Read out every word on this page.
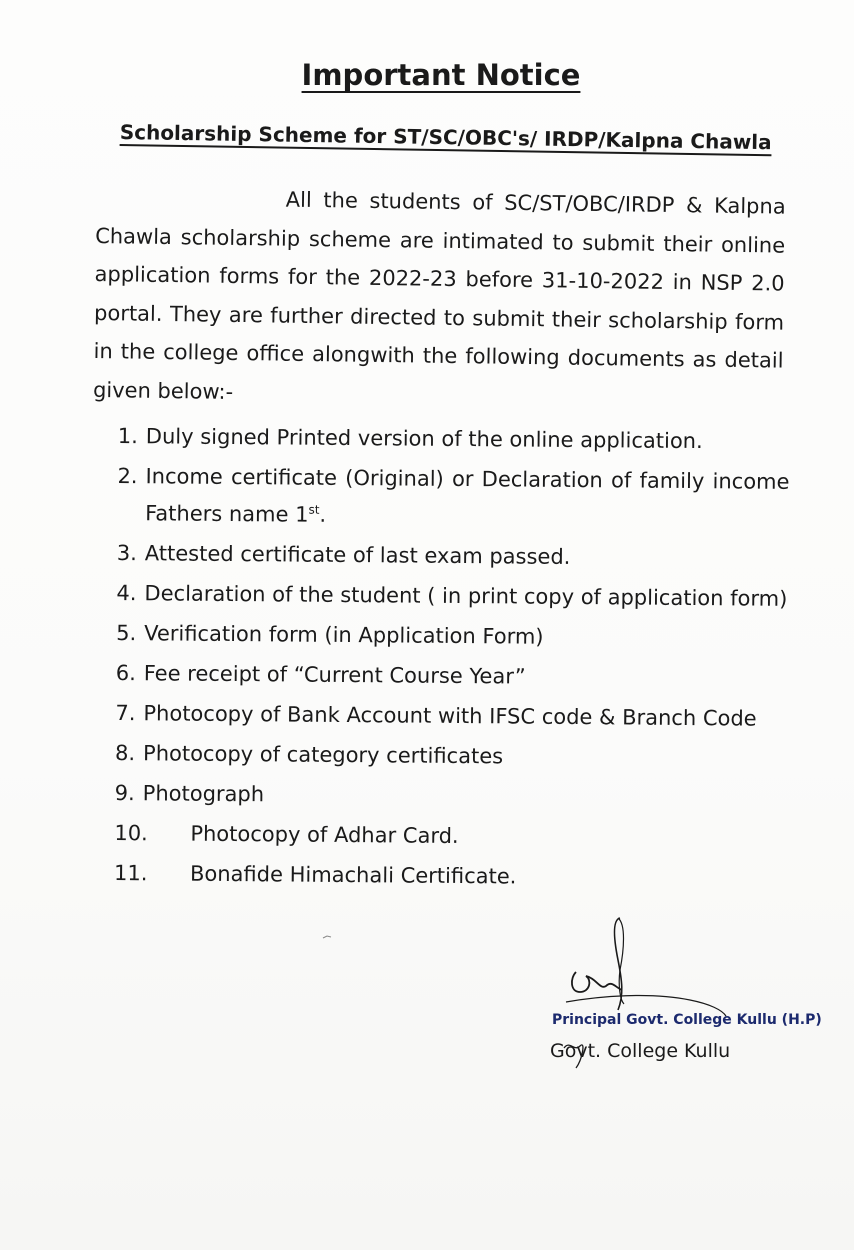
Important Notice
Scholarship Scheme for ST/SC/OBC's/ IRDP/Kalpna Chawla
All the students of SC/ST/OBC/IRDP & Kalpna Chawla scholarship scheme are intimated to submit their online application forms for the 2022-23 before 31-10-2022 in NSP 2.0 portal. They are further directed to submit their scholarship form in the college office alongwith the following documents as detail given below:-
1. Duly signed Printed version of the online application.
2. Income certificate (Original) or Declaration of family income Fathers name 1st.
3. Attested certificate of last exam passed.
4. Declaration of the student ( in print copy of application form)
5. Verification form (in Application Form)
6. Fee receipt of “Current Course Year”
7. Photocopy of Bank Account with IFSC code & Branch Code
8. Photocopy of category certificates
9. Photograph
10.	Photocopy of Adhar Card.
11.	Bonafide Himachali Certificate.
Principal Govt. College Kullu (H.P)
Govt. College Kullu
